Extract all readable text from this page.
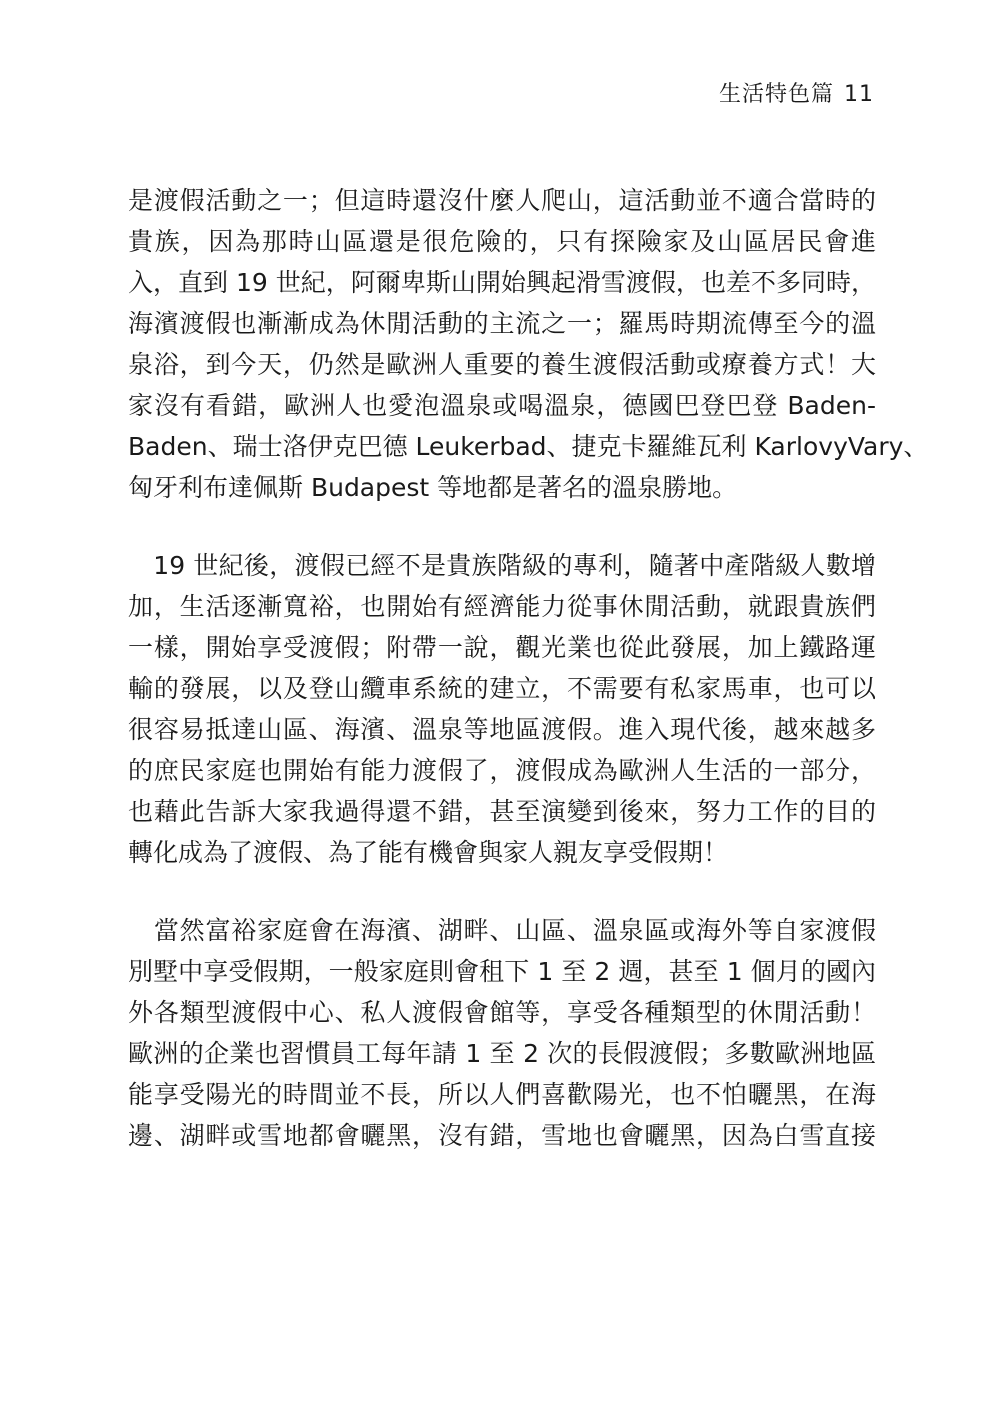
生活特色篇 11
是渡假活動之一；但這時還沒什麼人爬山，這活動並不適合當時的
貴族，因為那時山區還是很危險的，只有探險家及山區居民會進
入，直到 19 世紀，阿爾卑斯山開始興起滑雪渡假，也差不多同時，
海濱渡假也漸漸成為休閒活動的主流之一；羅馬時期流傳至今的溫
泉浴，到今天，仍然是歐洲人重要的養生渡假活動或療養方式！大
家沒有看錯，歐洲人也愛泡溫泉或喝溫泉，德國巴登巴登 Baden-
Baden、瑞士洛伊克巴德 Leukerbad、捷克卡羅維瓦利 KarlovyVary、
匈牙利布達佩斯 Budapest 等地都是著名的溫泉勝地。
　19 世紀後，渡假已經不是貴族階級的專利，隨著中產階級人數增
加，生活逐漸寬裕，也開始有經濟能力從事休閒活動，就跟貴族們
一樣，開始享受渡假；附帶一說，觀光業也從此發展，加上鐵路運
輸的發展，以及登山纜車系統的建立，不需要有私家馬車，也可以
很容易抵達山區、海濱、溫泉等地區渡假。進入現代後，越來越多
的庶民家庭也開始有能力渡假了，渡假成為歐洲人生活的一部分，
也藉此告訴大家我過得還不錯，甚至演變到後來，努力工作的目的
轉化成為了渡假、為了能有機會與家人親友享受假期！
　當然富裕家庭會在海濱、湖畔、山區、溫泉區或海外等自家渡假
別墅中享受假期，一般家庭則會租下 1 至 2 週，甚至 1 個月的國內
外各類型渡假中心、私人渡假會館等，享受各種類型的休閒活動！
歐洲的企業也習慣員工每年請 1 至 2 次的長假渡假；多數歐洲地區
能享受陽光的時間並不長，所以人們喜歡陽光，也不怕曬黑，在海
邊、湖畔或雪地都會曬黑，沒有錯，雪地也會曬黑，因為白雪直接
